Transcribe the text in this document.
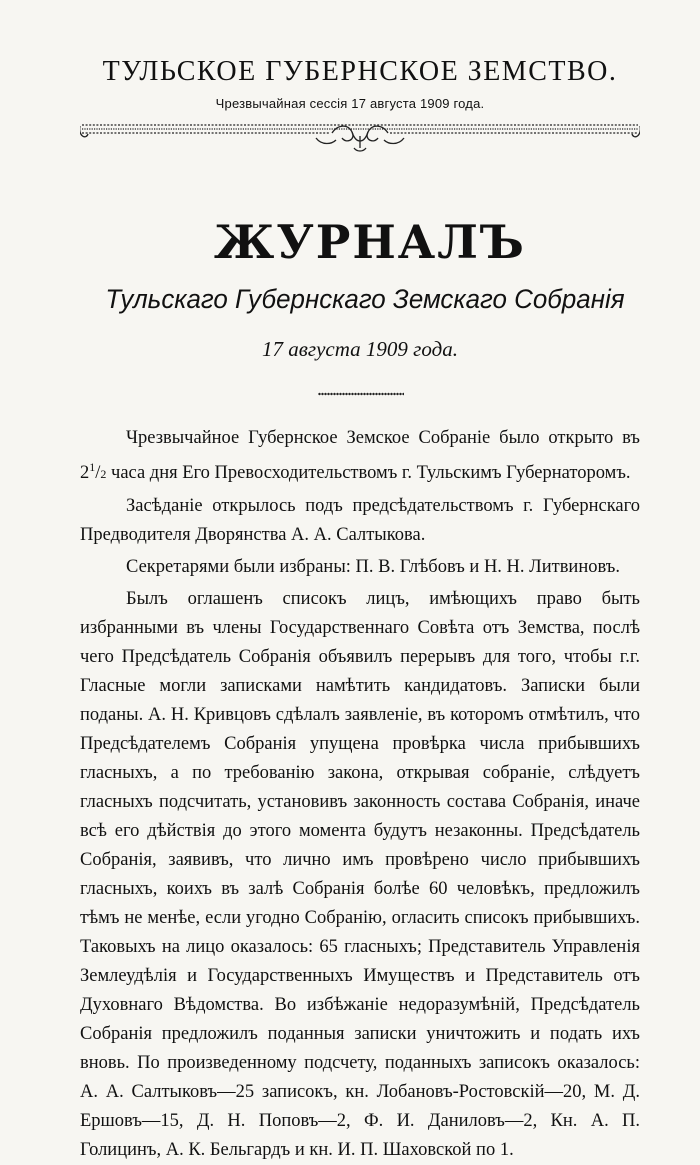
ТУЛЬСКОЕ ГУБЕРНСКОЕ ЗЕМСТВО.
Чрезвычайная сессія 17 августа 1909 года.
ЖУРНАЛЪ
Тульскаго Губернскаго Земскаго Собранія
17 августа 1909 года.

Чрезвычайное Губернское Земское Собраніе было открыто въ $2^1/2$ часа дня Его Превосходительствомъ г. Тульскимъ Губернаторомъ.

Засѣданіе открылось подъ предсѣдательствомъ г. Губернскаго Предводителя Дворянства А. А. Салтыкова.

Секретарями были избраны: П. В. Глѣбовъ и Н. Н. Литвиновъ.

Былъ оглашенъ списокъ лицъ, имѣющихъ право быть избранными въ члены Государственнаго Совѣта отъ Земства, послѣ чего Предсѣдатель Собранія объявилъ перерывъ для того, чтобы г.г. Гласные могли записками намѣтить кандидатовъ. Записки были поданы. А. Н. Кривцовъ сдѣлалъ заявленіе, въ которомъ отмѣтилъ, что Предсѣдателемъ Собранія упущена провѣрка числа прибывшихъ гласныхъ, а по требованію закона, открывая собраніе, слѣдуетъ гласныхъ подсчитать, установивъ законность состава Собранія, иначе всѣ его дѣйствія до этого момента будутъ незаконны. Предсѣдатель Собранія, заявивъ, что лично имъ провѣрено число прибывшихъ гласныхъ, коихъ въ залѣ Собранія болѣе 60 человѣкъ, предложилъ тѣмъ не менѣе, если угодно Собранію, огласить списокъ прибывшихъ. Таковыхъ на лицо оказалось: 65 гласныхъ; Представитель Управленія Землеудѣлія и Государственныхъ Имуществъ и Представитель отъ Духовнаго Вѣдомства. Во избѣжаніе недоразумѣній, Предсѣдатель Собранія предложилъ поданныя записки уничтожить и подать ихъ вновь. По произведенному подсчету, поданныхъ записокъ оказалось: А. А. Салтыковъ—25 записокъ, кн. Лобановъ-Ростовскій—20, М. Д. Ершовъ—15, Д. Н. Поповъ—2, Ф. И. Даниловъ—2, Кн. А. П. Голицинъ, А. К. Бельгардъ и кн. И. П. Шаховской по 1.
